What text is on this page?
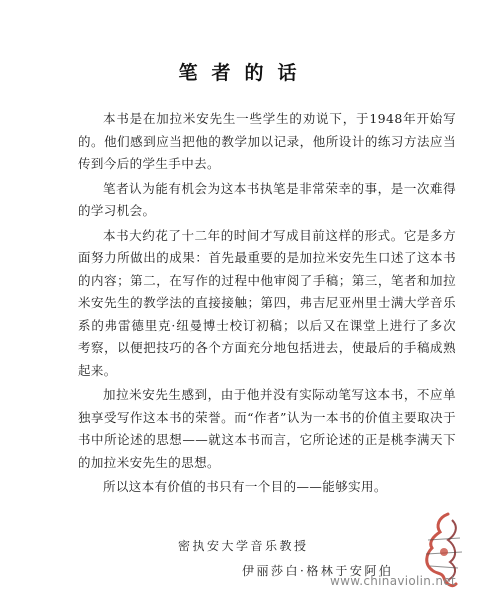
笔者的话

本书是在加拉米安先生一些学生的劝说下，于1948年开始写的。他们感到应当把他的教学加以记录，他所设计的练习方法应当传到今后的学生手中去。

笔者认为能有机会为这本书执笔是非常荣幸的事，是一次难得的学习机会。

本书大约花了十二年的时间才写成目前这样的形式。它是多方面努力所做出的成果：首先最重要的是加拉米安先生口述了这本书的内容；第二，在写作的过程中他审阅了手稿；第三，笔者和加拉米安先生的教学法的直接接触；第四，弗吉尼亚州里士满大学音乐系的弗雷德里克·纽曼博士校订初稿；以后又在课堂上进行了多次考察，以便把技巧的各个方面充分地包括进去，使最后的手稿成熟起来。

加拉米安先生感到，由于他并没有实际动笔写这本书，不应单独享受写作这本书的荣誉。而“作者”认为一本书的价值主要取决于书中所论述的思想——就这本书而言，它所论述的正是桃李满天下的加拉米安先生的思想。

所以这本有价值的书只有一个目的——能够实用。

密执安大学音乐教授
伊丽莎白·格林于安阿伯
www.chinaviolin.net
